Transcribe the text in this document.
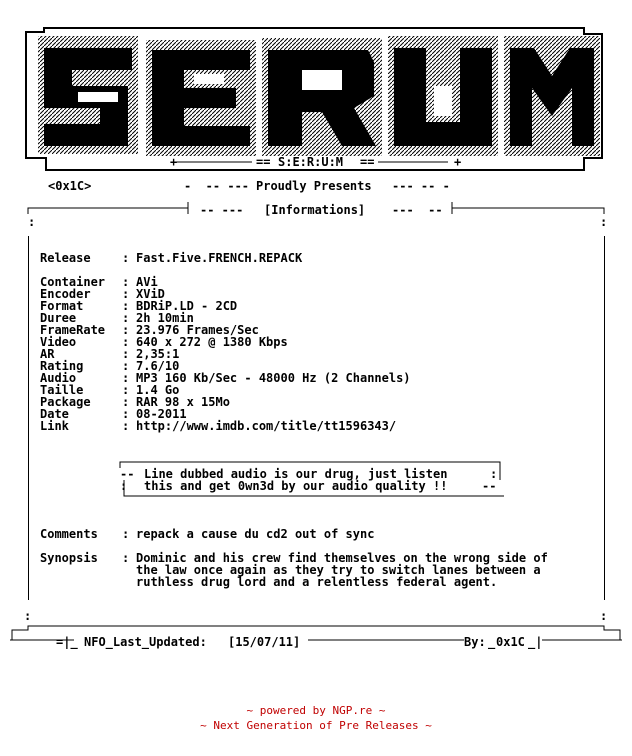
+	+
==	==
S:E:R:U:M
<0x1C>	-  -- --- Proudly Presents --- -- -
:	:
-- --- [Informations] ---  --
Release	: Fast.Five.FRENCH.REPACK
Container : AVi
Encoder	: XViD
Format	: BDRiP.LD - 2CD
Duree	: 2h 10min
FrameRate : 23.976 Frames/Sec
Video	: 640 x 272 @ 1380 Kbps
AR	: 2,35:1
Rating	: 7.6/10
Audio	: MP3 160 Kb/Sec - 48000 Hz (2 Channels)
Taille	: 1.4 Go
Package	: RAR 98 x 15Mo
Date	: 08-2011
Link	: http://www.imdb.com/title/tt1596343/
--	:
:	--
Line dubbed audio is our drug, just listen
this and get 0wn3d by our audio quality !!
Comments : repack a cause du cd2 out of sync
Synopsis : Dominic and his crew find themselves on the wrong side of
the law once again as they try to switch lanes between a
ruthless drug lord and a relentless federal agent.
:	:
=|_ NFO_Last_Updated: [15/07/11]	By: _ 0x1C _|
~ powered by NGP.re ~
~ Next Generation of Pre Releases ~
